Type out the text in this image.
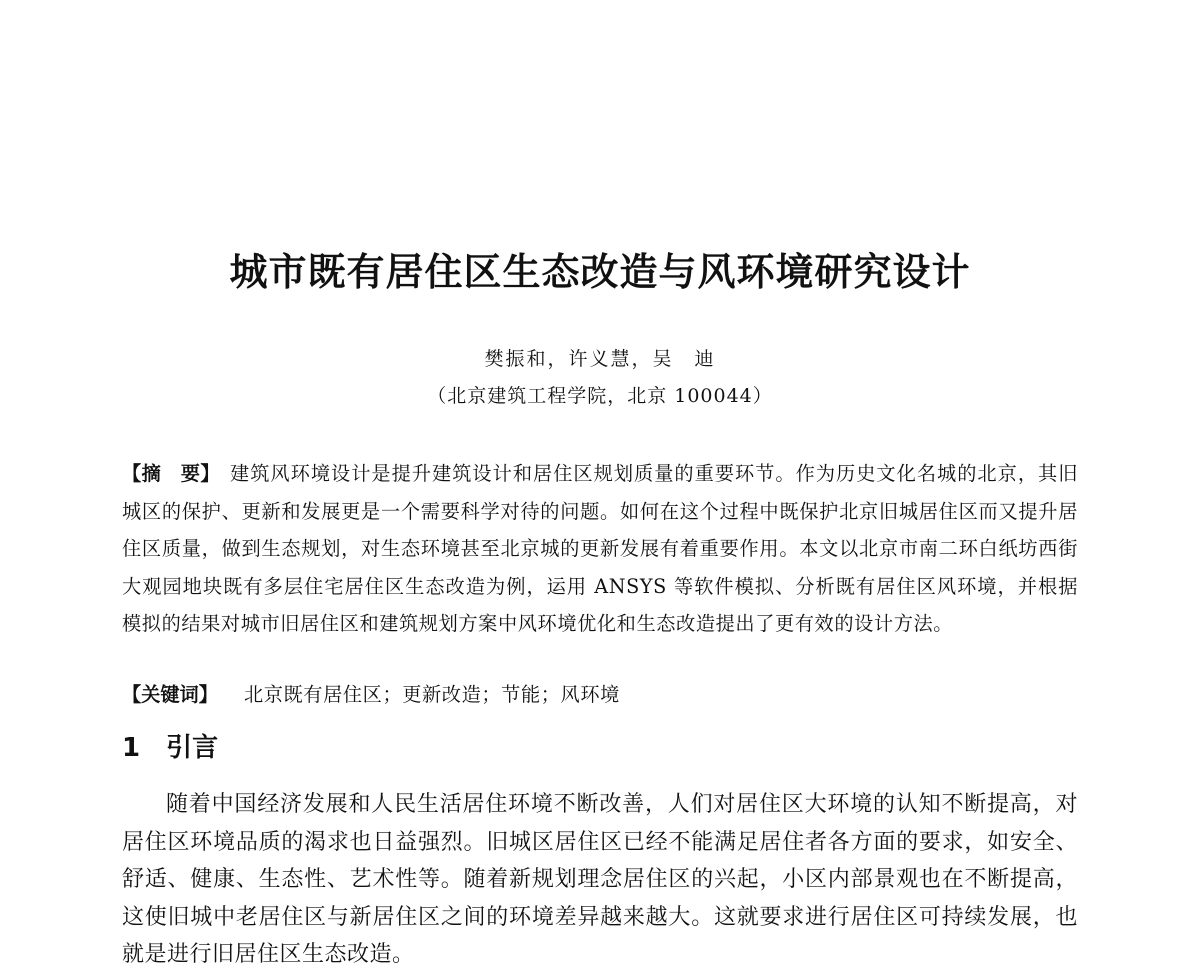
城市既有居住区生态改造与风环境研究设计
樊振和，许义慧，吴　迪
（北京建筑工程学院，北京 100044）

【摘　要】 建筑风环境设计是提升建筑设计和居住区规划质量的重要环节。作为历史文化名城的北京，其旧城区的保护、更新和发展更是一个需要科学对待的问题。如何在这个过程中既保护北京旧城居住区而又提升居住区质量，做到生态规划，对生态环境甚至北京城的更新发展有着重要作用。本文以北京市南二环白纸坊西街大观园地块既有多层住宅居住区生态改造为例，运用 ANSYS 等软件模拟、分析既有居住区风环境，并根据模拟的结果对城市旧居住区和建筑规划方案中风环境优化和生态改造提出了更有效的设计方法。

【关键词】 北京既有居住区；更新改造；节能；风环境

1 引言

随着中国经济发展和人民生活居住环境不断改善，人们对居住区大环境的认知不断提高，对居住区环境品质的渴求也日益强烈。旧城区居住区已经不能满足居住者各方面的要求，如安全、舒适、健康、生态性、艺术性等。随着新规划理念居住区的兴起，小区内部景观也在不断提高，这使旧城中老居住区与新居住区之间的环境差异越来越大。这就要求进行居住区可持续发展，也就是进行旧居住区生态改造。
